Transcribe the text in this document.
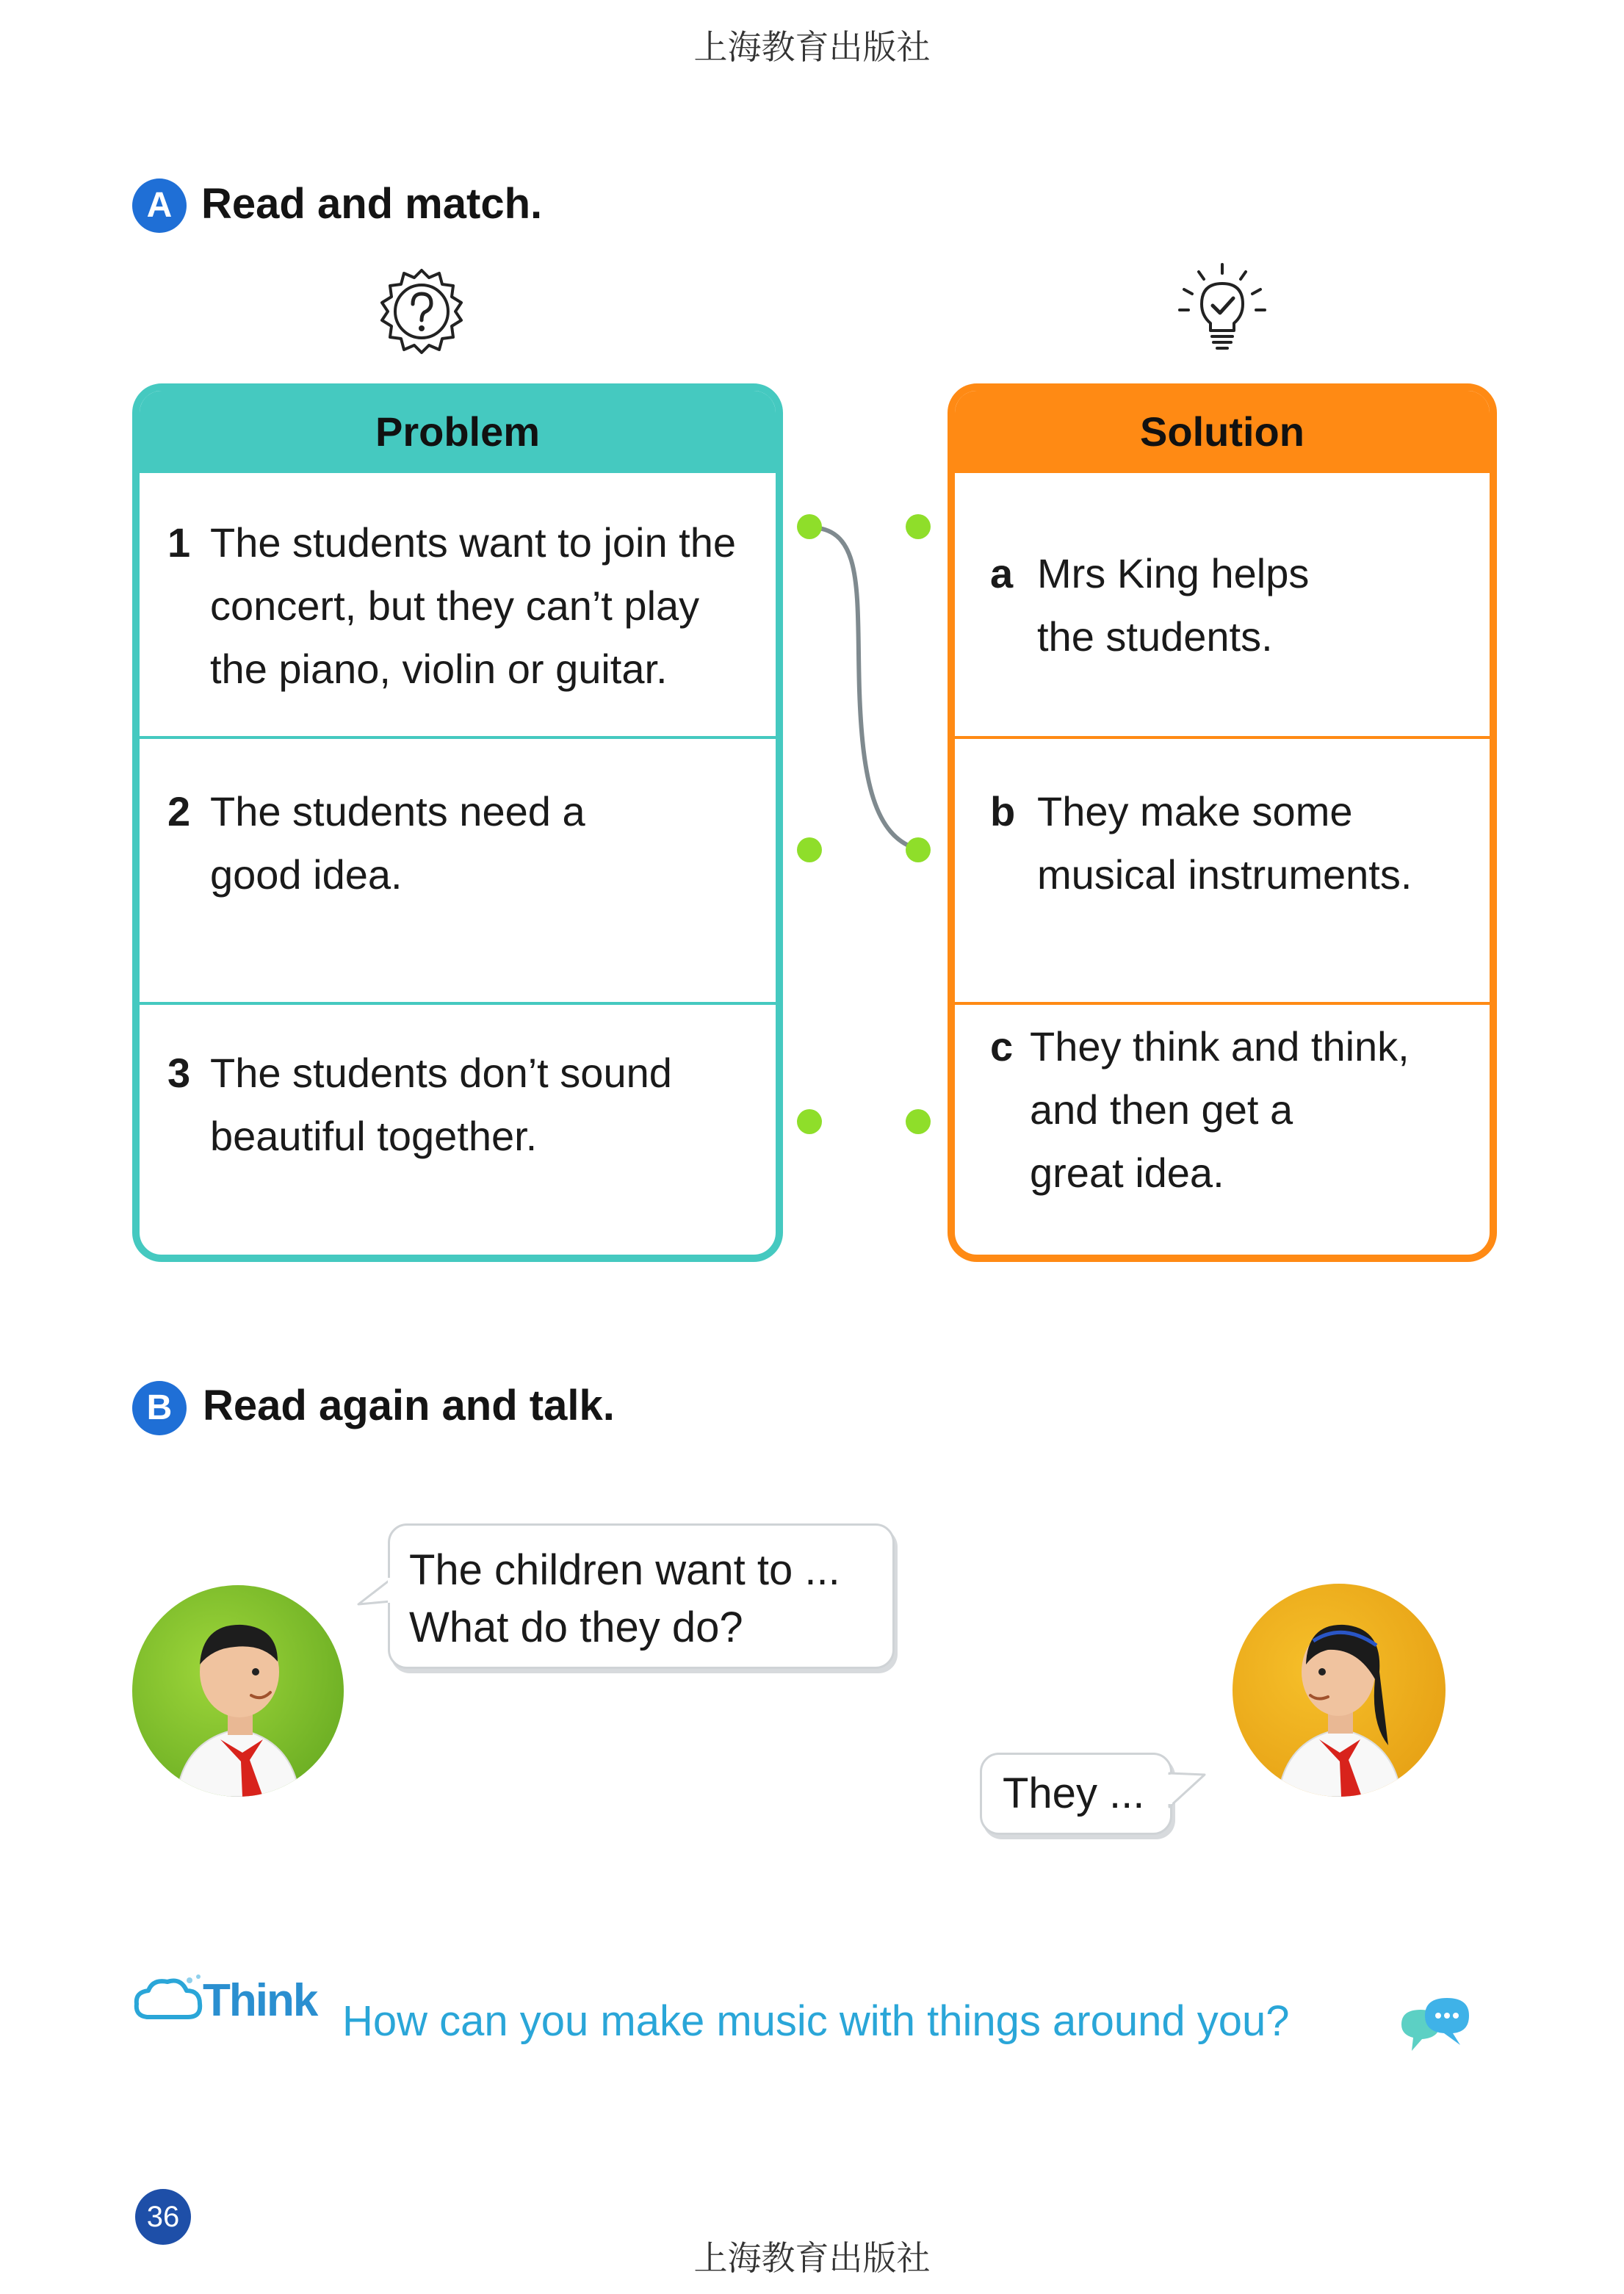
上海教育出版社
A Read and match.
Problem
1 The students want to join the
concert, but they can’t play
the piano, violin or guitar.
2 The students need a
good idea.
3 The students don’t sound
beautiful together.
Solution
a Mrs King helps
the students.
b They make some
musical instruments.
c They think and think,
and then get a
great idea.
B Read again and talk.
The children want to ...
What do they do?
They ...
Think How can you make music with things around you?
36
上海教育出版社
